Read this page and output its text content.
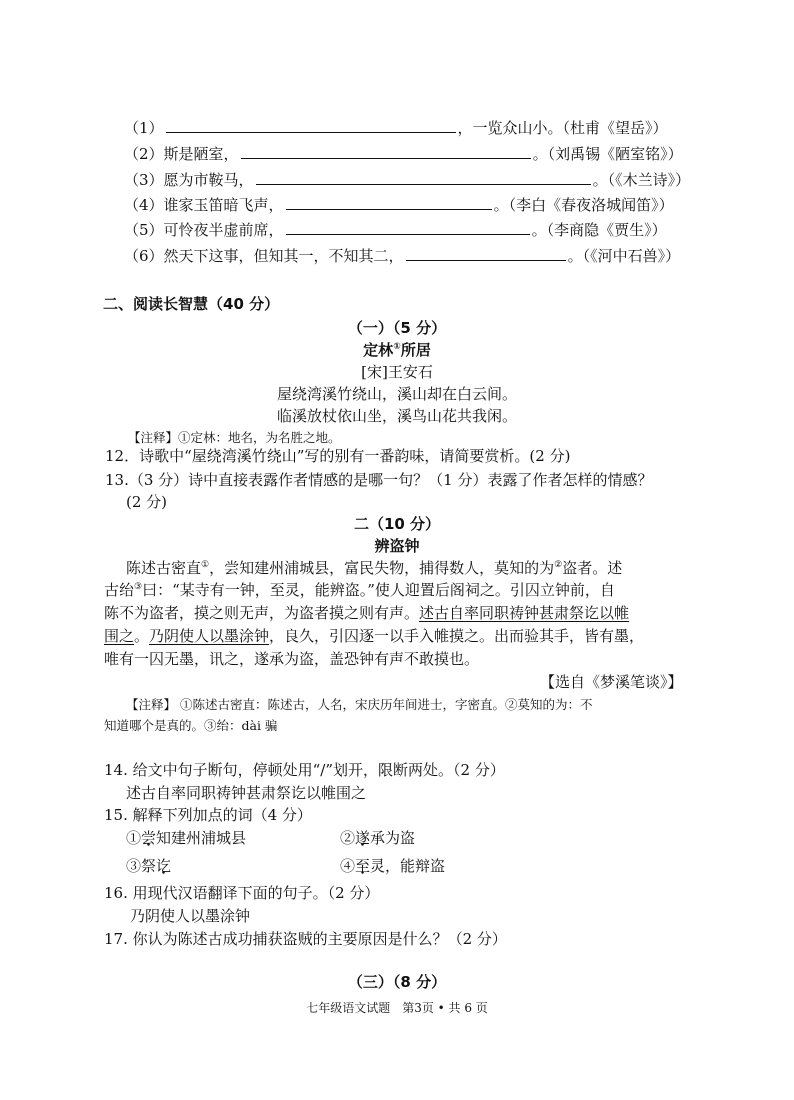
（1）	，一览众山小。（杜甫《望岳》）
（2）斯是陋室，	。（刘禹锡《陋室铭》）
（3）愿为市鞍马，	。（《木兰诗》）
（4）谁家玉笛暗飞声，	。（李白《春夜洛城闻笛》）
（5）可怜夜半虚前席，	。（李商隐《贾生》）
（6）然天下这事，但知其一，不知其二，	。（《河中石兽》）
二、阅读长智慧（40 分）
（一）（5 分）
定林①所居
[宋]王安石
屋绕湾溪竹绕山，溪山却在白云间。
临溪放杖依山坐，溪鸟山花共我闲。
【注释】①定林：地名，为名胜之地。
12．诗歌中“屋绕湾溪竹绕山”写的别有一番韵味，请简要赏析。(2 分)
13.（3 分）诗中直接表露作者情感的是哪一句？（1 分）表露了作者怎样的情感？
(2 分)
二（10 分）
辨盗钟
陈述古密直①，尝知建州浦城县，富民失物，捕得数人，莫知的为②盗者。述
古绐③曰：“某寺有一钟，至灵，能辨盗。”使人迎置后阁祠之。引囚立钟前，自
陈不为盗者，摸之则无声，为盗者摸之则有声。述古自率同职祷钟甚肃祭讫以帷
围之。乃阴使人以墨涂钟，良久，引囚逐一以手入帷摸之。出而验其手，皆有墨，
唯有一囚无墨，讯之，遂承为盗，盖恐钟有声不敢摸也。
【选自《梦溪笔谈》】
【注释】 ①陈述古密直：陈述古，人名，宋庆历年间进士，字密直。②莫知的为：不
知道哪个是真的。③绐：dài 骗
14. 给文中句子断句，停顿处用“/”划开，限断两处。（2 分）
述古自率同职祷钟甚肃祭讫以帷围之
15. 解释下列加点的词（4 分）
①尝知建州浦城县	②遂承为盗
③祭讫	④至灵，能辩盗
16. 用现代汉语翻译下面的句子。（2 分）
乃阴使人以墨涂钟
17. 你认为陈述古成功捕获盗贼的主要原因是什么？（2 分）
（三）（8 分）
七年级语文试题　第3页 • 共 6 页
